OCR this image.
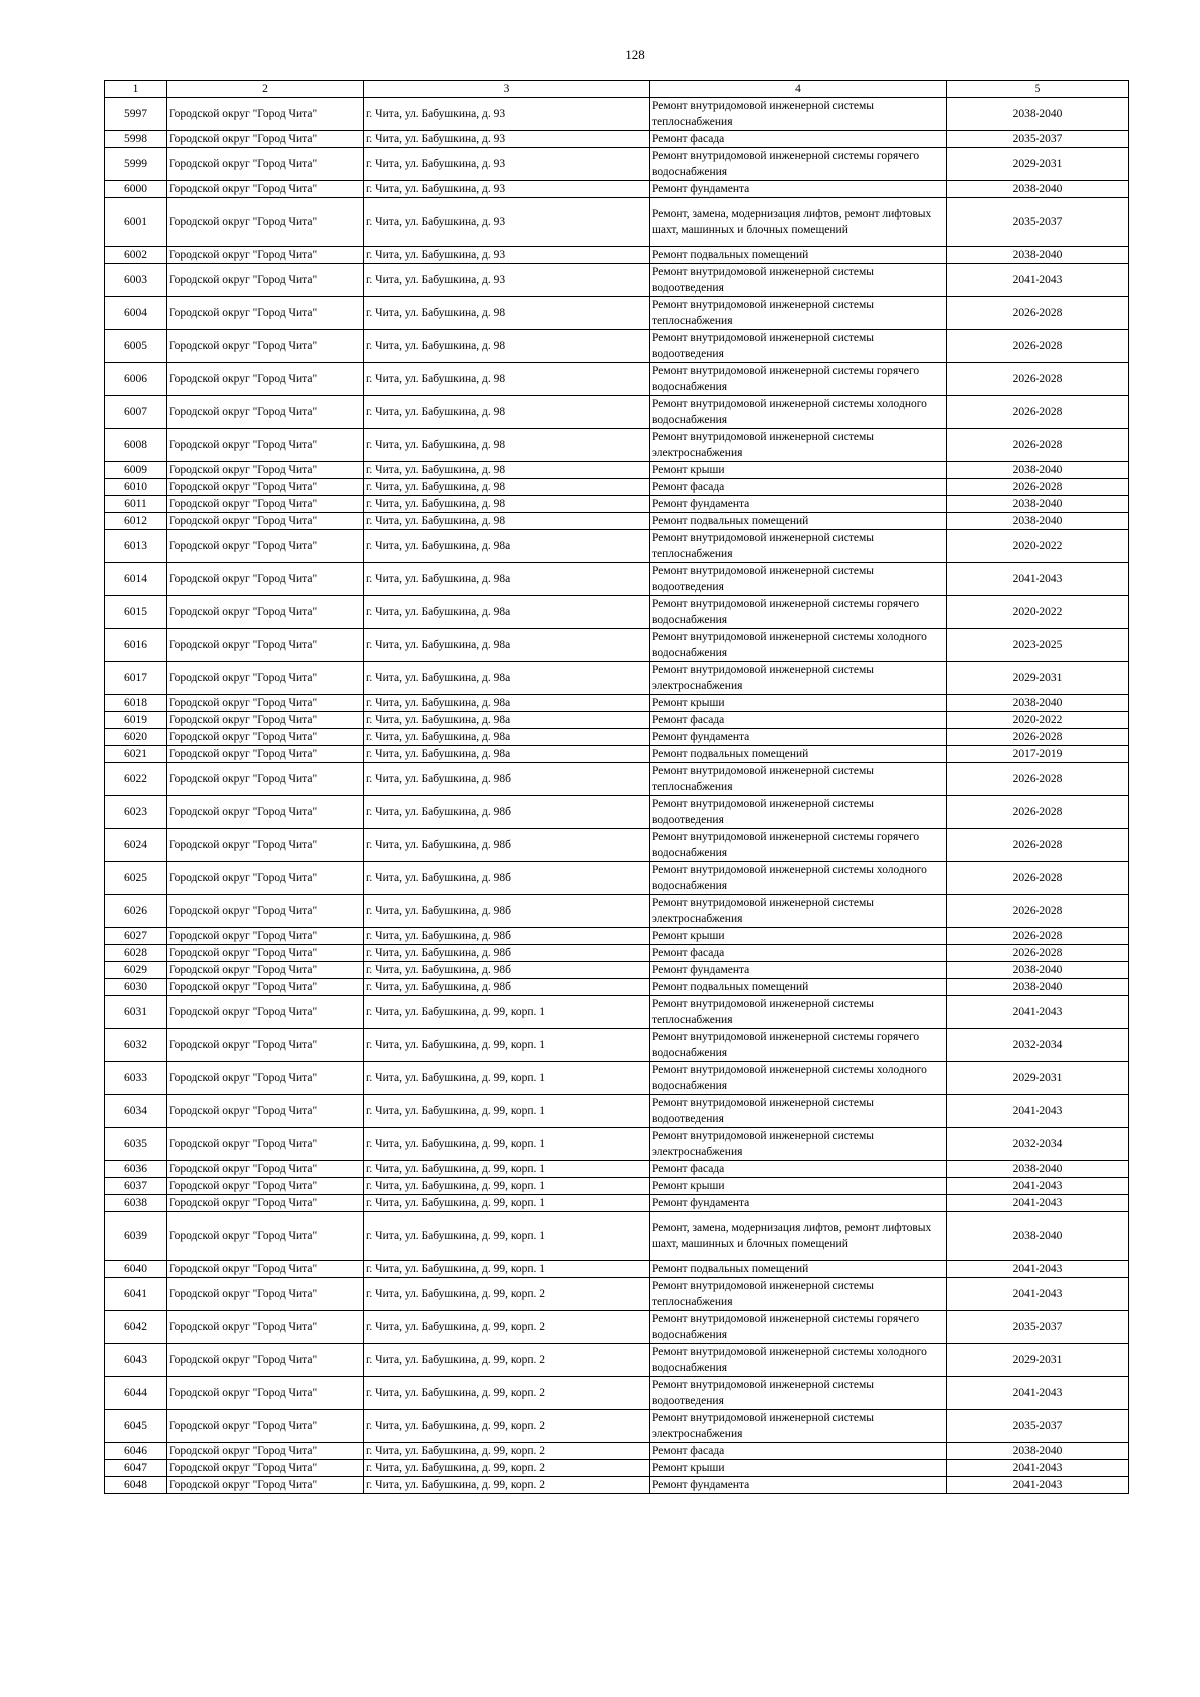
128
1	2	3	4	5
5997	Городской округ "Город Чита"	г. Чита, ул. Бабушкина, д. 93	Ремонт внутридомовой инженерной системы теплоснабжения	2038-2040
5998	Городской округ "Город Чита"	г. Чита, ул. Бабушкина, д. 93	Ремонт фасада	2035-2037
5999	Городской округ "Город Чита"	г. Чита, ул. Бабушкина, д. 93	Ремонт внутридомовой инженерной системы горячего водоснабжения	2029-2031
6000	Городской округ "Город Чита"	г. Чита, ул. Бабушкина, д. 93	Ремонт фундамента	2038-2040
6001	Городской округ "Город Чита"	г. Чита, ул. Бабушкина, д. 93	Ремонт, замена, модернизация лифтов, ремонт лифтовых шахт, машинных и блочных помещений	2035-2037
6002	Городской округ "Город Чита"	г. Чита, ул. Бабушкина, д. 93	Ремонт подвальных помещений	2038-2040
6003	Городской округ "Город Чита"	г. Чита, ул. Бабушкина, д. 93	Ремонт внутридомовой инженерной системы водоотведения	2041-2043
6004	Городской округ "Город Чита"	г. Чита, ул. Бабушкина, д. 98	Ремонт внутридомовой инженерной системы теплоснабжения	2026-2028
6005	Городской округ "Город Чита"	г. Чита, ул. Бабушкина, д. 98	Ремонт внутридомовой инженерной системы водоотведения	2026-2028
6006	Городской округ "Город Чита"	г. Чита, ул. Бабушкина, д. 98	Ремонт внутридомовой инженерной системы горячего водоснабжения	2026-2028
6007	Городской округ "Город Чита"	г. Чита, ул. Бабушкина, д. 98	Ремонт внутридомовой инженерной системы холодного водоснабжения	2026-2028
6008	Городской округ "Город Чита"	г. Чита, ул. Бабушкина, д. 98	Ремонт внутридомовой инженерной системы электроснабжения	2026-2028
6009	Городской округ "Город Чита"	г. Чита, ул. Бабушкина, д. 98	Ремонт крыши	2038-2040
6010	Городской округ "Город Чита"	г. Чита, ул. Бабушкина, д. 98	Ремонт фасада	2026-2028
6011	Городской округ "Город Чита"	г. Чита, ул. Бабушкина, д. 98	Ремонт фундамента	2038-2040
6012	Городской округ "Город Чита"	г. Чита, ул. Бабушкина, д. 98	Ремонт подвальных помещений	2038-2040
6013	Городской округ "Город Чита"	г. Чита, ул. Бабушкина, д. 98а	Ремонт внутридомовой инженерной системы теплоснабжения	2020-2022
6014	Городской округ "Город Чита"	г. Чита, ул. Бабушкина, д. 98а	Ремонт внутридомовой инженерной системы водоотведения	2041-2043
6015	Городской округ "Город Чита"	г. Чита, ул. Бабушкина, д. 98а	Ремонт внутридомовой инженерной системы горячего водоснабжения	2020-2022
6016	Городской округ "Город Чита"	г. Чита, ул. Бабушкина, д. 98а	Ремонт внутридомовой инженерной системы холодного водоснабжения	2023-2025
6017	Городской округ "Город Чита"	г. Чита, ул. Бабушкина, д. 98а	Ремонт внутридомовой инженерной системы электроснабжения	2029-2031
6018	Городской округ "Город Чита"	г. Чита, ул. Бабушкина, д. 98а	Ремонт крыши	2038-2040
6019	Городской округ "Город Чита"	г. Чита, ул. Бабушкина, д. 98а	Ремонт фасада	2020-2022
6020	Городской округ "Город Чита"	г. Чита, ул. Бабушкина, д. 98а	Ремонт фундамента	2026-2028
6021	Городской округ "Город Чита"	г. Чита, ул. Бабушкина, д. 98а	Ремонт подвальных помещений	2017-2019
6022	Городской округ "Город Чита"	г. Чита, ул. Бабушкина, д. 98б	Ремонт внутридомовой инженерной системы теплоснабжения	2026-2028
6023	Городской округ "Город Чита"	г. Чита, ул. Бабушкина, д. 98б	Ремонт внутридомовой инженерной системы водоотведения	2026-2028
6024	Городской округ "Город Чита"	г. Чита, ул. Бабушкина, д. 98б	Ремонт внутридомовой инженерной системы горячего водоснабжения	2026-2028
6025	Городской округ "Город Чита"	г. Чита, ул. Бабушкина, д. 98б	Ремонт внутридомовой инженерной системы холодного водоснабжения	2026-2028
6026	Городской округ "Город Чита"	г. Чита, ул. Бабушкина, д. 98б	Ремонт внутридомовой инженерной системы электроснабжения	2026-2028
6027	Городской округ "Город Чита"	г. Чита, ул. Бабушкина, д. 98б	Ремонт крыши	2026-2028
6028	Городской округ "Город Чита"	г. Чита, ул. Бабушкина, д. 98б	Ремонт фасада	2026-2028
6029	Городской округ "Город Чита"	г. Чита, ул. Бабушкина, д. 98б	Ремонт фундамента	2038-2040
6030	Городской округ "Город Чита"	г. Чита, ул. Бабушкина, д. 98б	Ремонт подвальных помещений	2038-2040
6031	Городской округ "Город Чита"	г. Чита, ул. Бабушкина, д. 99, корп. 1	Ремонт внутридомовой инженерной системы теплоснабжения	2041-2043
6032	Городской округ "Город Чита"	г. Чита, ул. Бабушкина, д. 99, корп. 1	Ремонт внутридомовой инженерной системы горячего водоснабжения	2032-2034
6033	Городской округ "Город Чита"	г. Чита, ул. Бабушкина, д. 99, корп. 1	Ремонт внутридомовой инженерной системы холодного водоснабжения	2029-2031
6034	Городской округ "Город Чита"	г. Чита, ул. Бабушкина, д. 99, корп. 1	Ремонт внутридомовой инженерной системы водоотведения	2041-2043
6035	Городской округ "Город Чита"	г. Чита, ул. Бабушкина, д. 99, корп. 1	Ремонт внутридомовой инженерной системы электроснабжения	2032-2034
6036	Городской округ "Город Чита"	г. Чита, ул. Бабушкина, д. 99, корп. 1	Ремонт фасада	2038-2040
6037	Городской округ "Город Чита"	г. Чита, ул. Бабушкина, д. 99, корп. 1	Ремонт крыши	2041-2043
6038	Городской округ "Город Чита"	г. Чита, ул. Бабушкина, д. 99, корп. 1	Ремонт фундамента	2041-2043
6039	Городской округ "Город Чита"	г. Чита, ул. Бабушкина, д. 99, корп. 1	Ремонт, замена, модернизация лифтов, ремонт лифтовых шахт, машинных и блочных помещений	2038-2040
6040	Городской округ "Город Чита"	г. Чита, ул. Бабушкина, д. 99, корп. 1	Ремонт подвальных помещений	2041-2043
6041	Городской округ "Город Чита"	г. Чита, ул. Бабушкина, д. 99, корп. 2	Ремонт внутридомовой инженерной системы теплоснабжения	2041-2043
6042	Городской округ "Город Чита"	г. Чита, ул. Бабушкина, д. 99, корп. 2	Ремонт внутридомовой инженерной системы горячего водоснабжения	2035-2037
6043	Городской округ "Город Чита"	г. Чита, ул. Бабушкина, д. 99, корп. 2	Ремонт внутридомовой инженерной системы холодного водоснабжения	2029-2031
6044	Городской округ "Город Чита"	г. Чита, ул. Бабушкина, д. 99, корп. 2	Ремонт внутридомовой инженерной системы водоотведения	2041-2043
6045	Городской округ "Город Чита"	г. Чита, ул. Бабушкина, д. 99, корп. 2	Ремонт внутридомовой инженерной системы электроснабжения	2035-2037
6046	Городской округ "Город Чита"	г. Чита, ул. Бабушкина, д. 99, корп. 2	Ремонт фасада	2038-2040
6047	Городской округ "Город Чита"	г. Чита, ул. Бабушкина, д. 99, корп. 2	Ремонт крыши	2041-2043
6048	Городской округ "Город Чита"	г. Чита, ул. Бабушкина, д. 99, корп. 2	Ремонт фундамента	2041-2043
